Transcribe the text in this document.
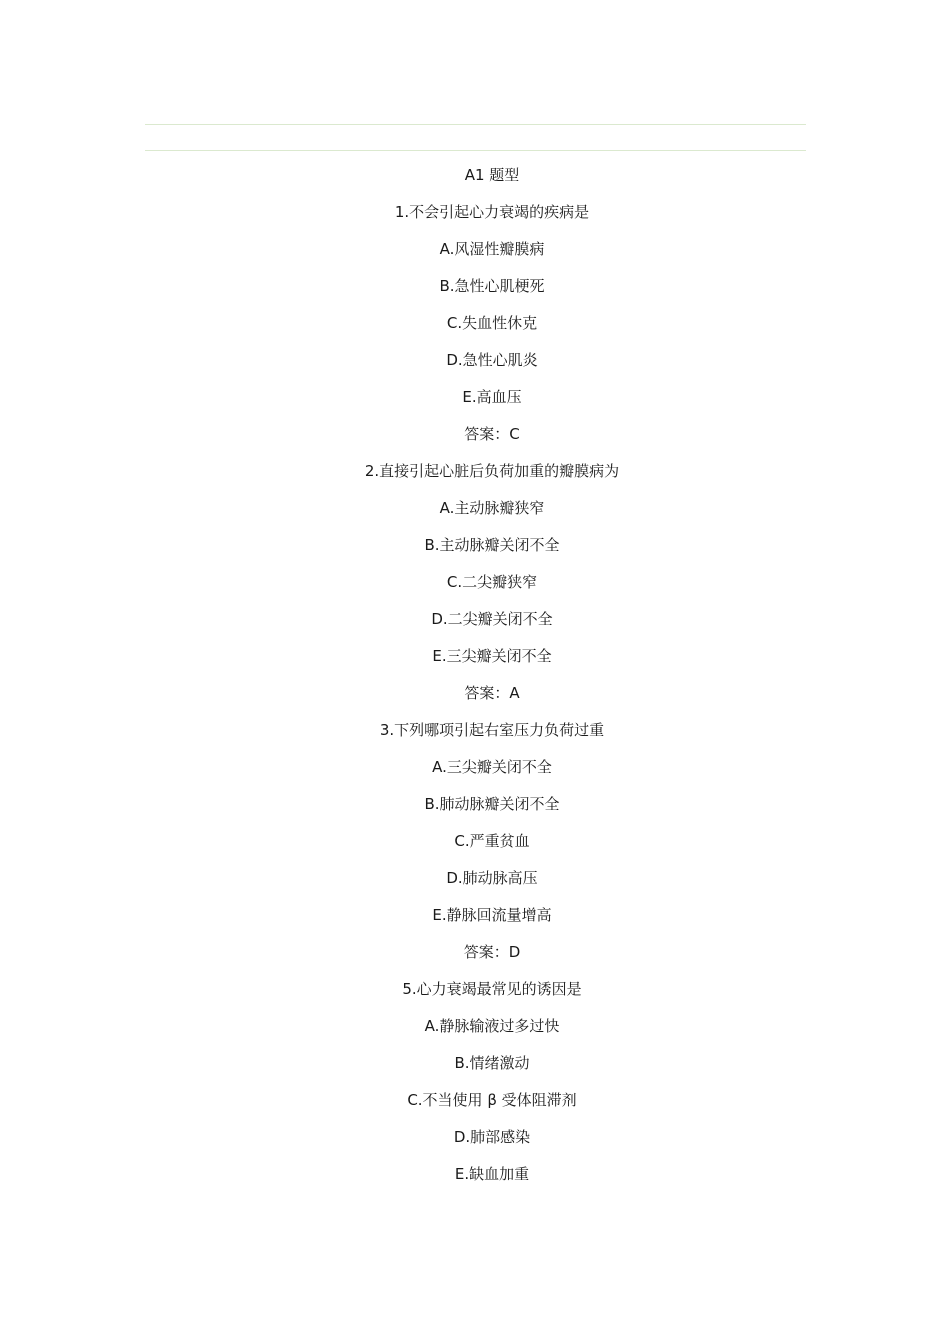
A1 题型
1.不会引起心力衰竭的疾病是
A.风湿性瓣膜病
B.急性心肌梗死
C.失血性休克
D.急性心肌炎
E.高血压
答案：C
2.直接引起心脏后负荷加重的瓣膜病为
A.主动脉瓣狭窄
B.主动脉瓣关闭不全
C.二尖瓣狭窄
D.二尖瓣关闭不全
E.三尖瓣关闭不全
答案：A
3.下列哪项引起右室压力负荷过重
A.三尖瓣关闭不全
B.肺动脉瓣关闭不全
C.严重贫血
D.肺动脉高压
E.静脉回流量增高
答案：D
5.心力衰竭最常见的诱因是
A.静脉输液过多过快
B.情绪激动
C.不当使用 β 受体阻滞剂
D.肺部感染
E.缺血加重
